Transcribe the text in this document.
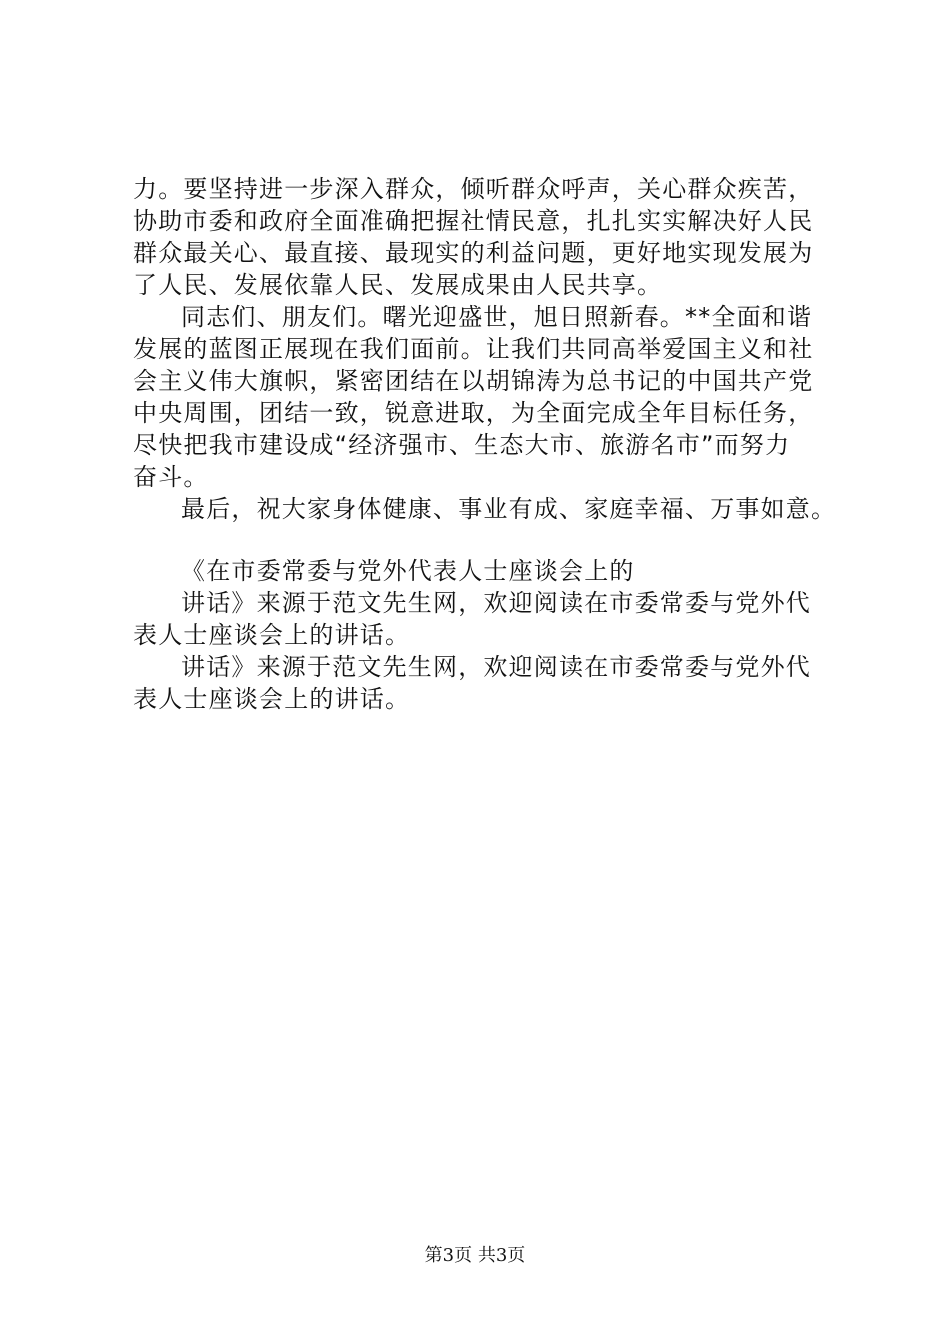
力。要坚持进一步深入群众，倾听群众呼声，关心群众疾苦，
协助市委和政府全面准确把握社情民意，扎扎实实解决好人民
群众最关心、最直接、最现实的利益问题，更好地实现发展为
了人民、发展依靠人民、发展成果由人民共享。
同志们、朋友们。曙光迎盛世，旭日照新春。**全面和谐
发展的蓝图正展现在我们面前。让我们共同高举爱国主义和社
会主义伟大旗帜，紧密团结在以胡锦涛为总书记的中国共产党
中央周围，团结一致，锐意进取，为全面完成全年目标任务，
尽快把我市建设成“经济强市、生态大市、旅游名市”而努力
奋斗。
最后，祝大家身体健康、事业有成、家庭幸福、万事如意。
《在市委常委与党外代表人士座谈会上的
讲话》来源于范文先生网，欢迎阅读在市委常委与党外代
表人士座谈会上的讲话。
讲话》来源于范文先生网，欢迎阅读在市委常委与党外代
表人士座谈会上的讲话。
第3页 共3页
